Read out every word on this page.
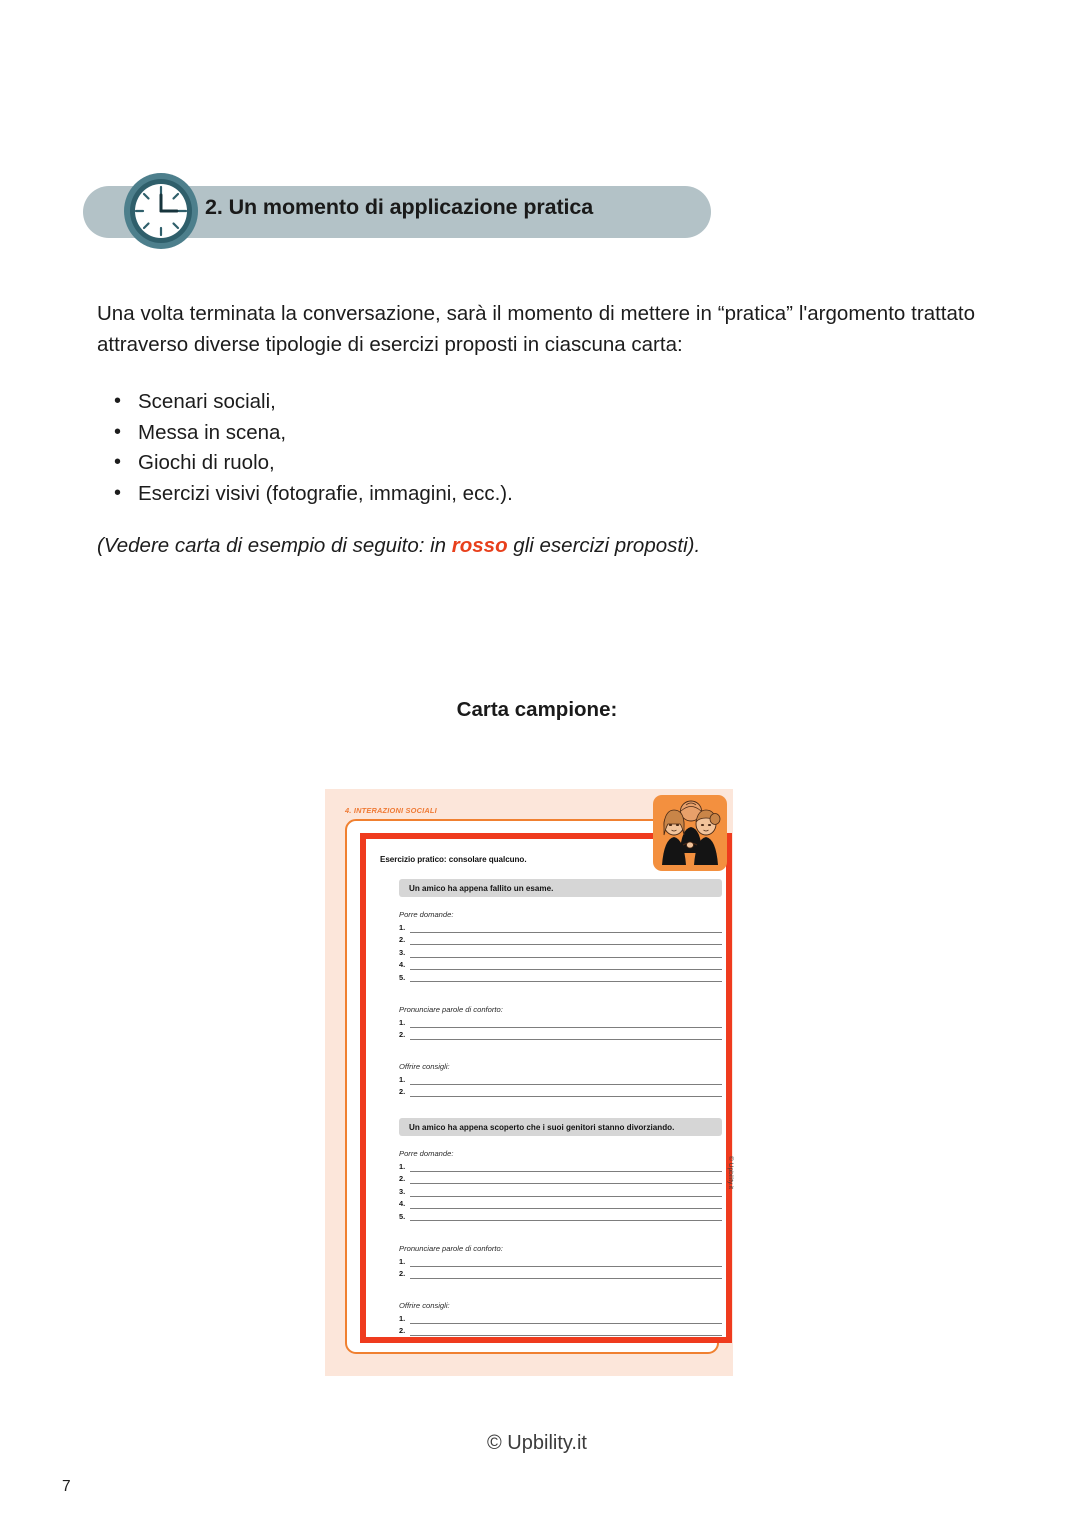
2. Un momento di applicazione pratica
Una volta terminata la conversazione, sarà il momento di mettere in “pratica” l'argomento trattato attraverso diverse tipologie di esercizi proposti in ciascuna carta:
• Scenari sociali,
• Messa in scena,
• Giochi di ruolo,
• Esercizi visivi (fotografie, immagini, ecc.).
(Vedere carta di esempio di seguito: in rosso gli esercizi proposti).
Carta campione:
4. INTERAZIONI SOCIALI
Esercizio pratico: consolare qualcuno.
Un amico ha appena fallito un esame.
Porre domande:
1.
2.
3.
4.
5.
Pronunciare parole di conforto:
1.
2.
Offrire consigli:
1.
2.
Un amico ha appena scoperto che i suoi genitori stanno divorziando.
Porre domande:
1.
2.
3.
4.
5.
Pronunciare parole di conforto:
1.
2.
Offrire consigli:
1.
2.
© Upbility.it
© Upbility.it
7
